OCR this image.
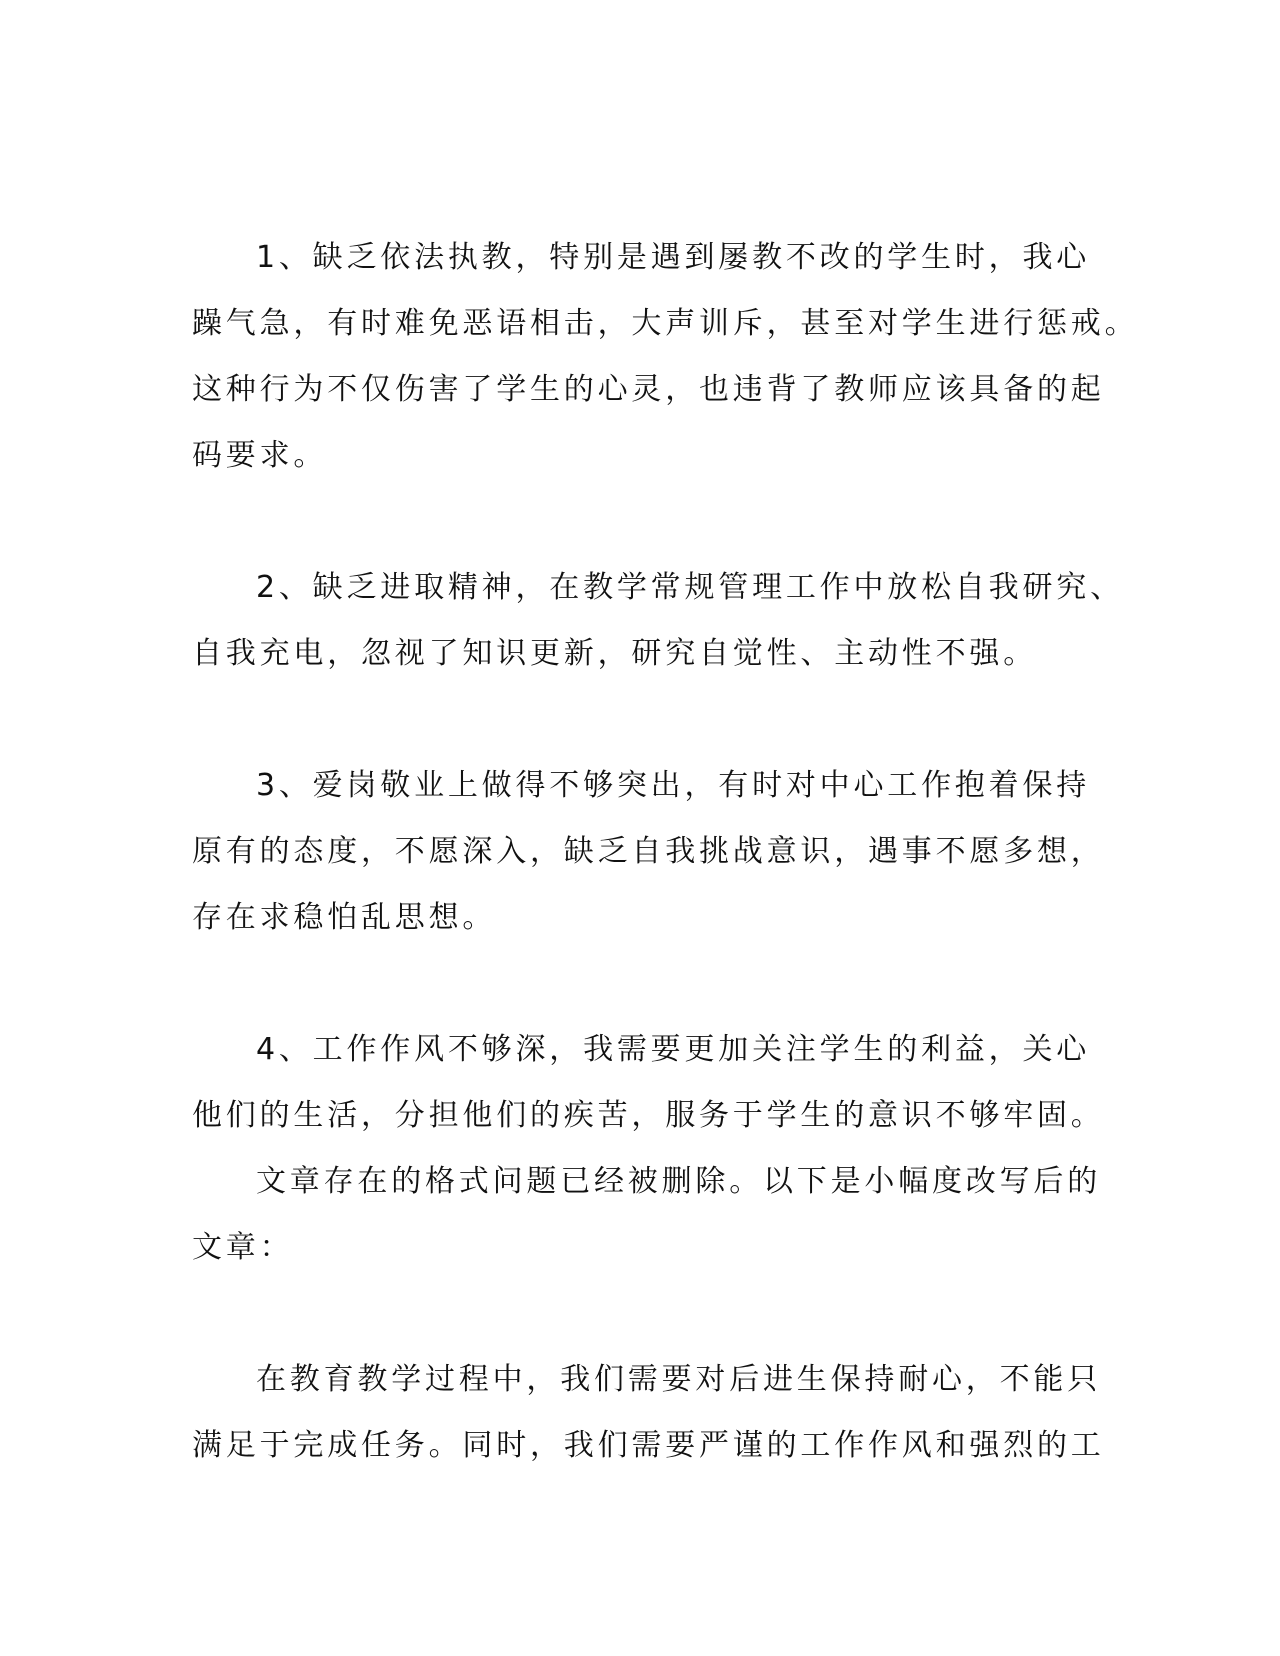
1、缺乏依法执教，特别是遇到屡教不改的学生时，我心
躁气急，有时难免恶语相击，大声训斥，甚至对学生进行惩戒。
这种行为不仅伤害了学生的心灵，也违背了教师应该具备的起
码要求。
2、缺乏进取精神，在教学常规管理工作中放松自我研究、
自我充电，忽视了知识更新，研究自觉性、主动性不强。
3、爱岗敬业上做得不够突出，有时对中心工作抱着保持
原有的态度，不愿深入，缺乏自我挑战意识，遇事不愿多想，
存在求稳怕乱思想。
4、工作作风不够深，我需要更加关注学生的利益，关心
他们的生活，分担他们的疾苦，服务于学生的意识不够牢固。
文章存在的格式问题已经被删除。以下是小幅度改写后的
文章：
在教育教学过程中，我们需要对后进生保持耐心，不能只
满足于完成任务。同时，我们需要严谨的工作作风和强烈的工
